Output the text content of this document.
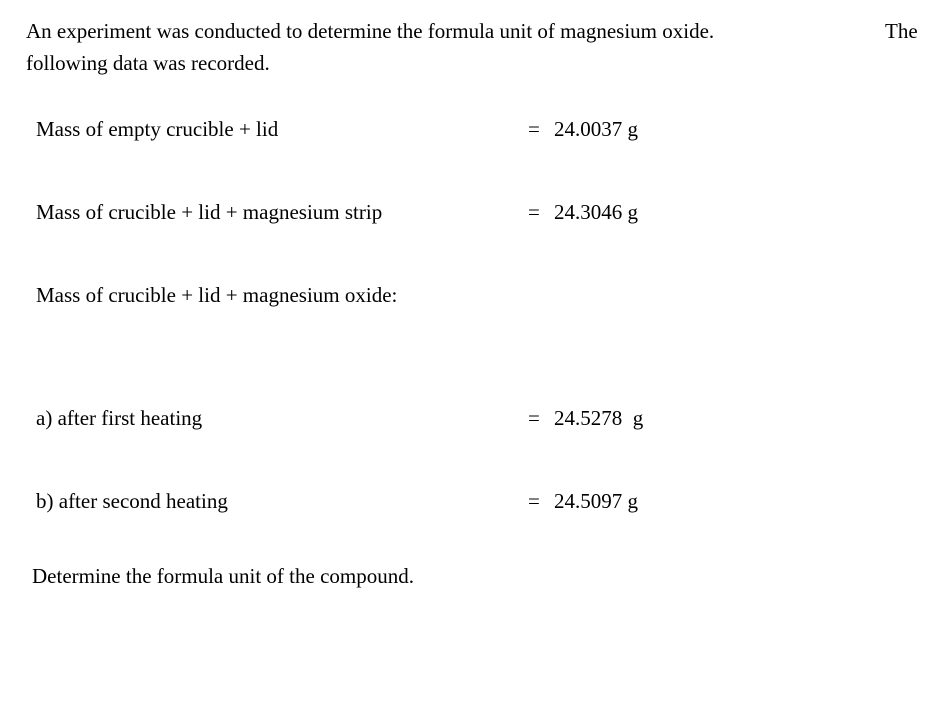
An experiment was conducted to determine the formula unit of magnesium oxide.	The
following data was recorded.
Mass of empty crucible + lid	= 24.0037 g
Mass of crucible + lid + magnesium strip	= 24.3046 g
Mass of crucible + lid + magnesium oxide:
a) after first heating	= 24.5278  g
b) after second heating	= 24.5097 g
Determine the formula unit of the compound.
